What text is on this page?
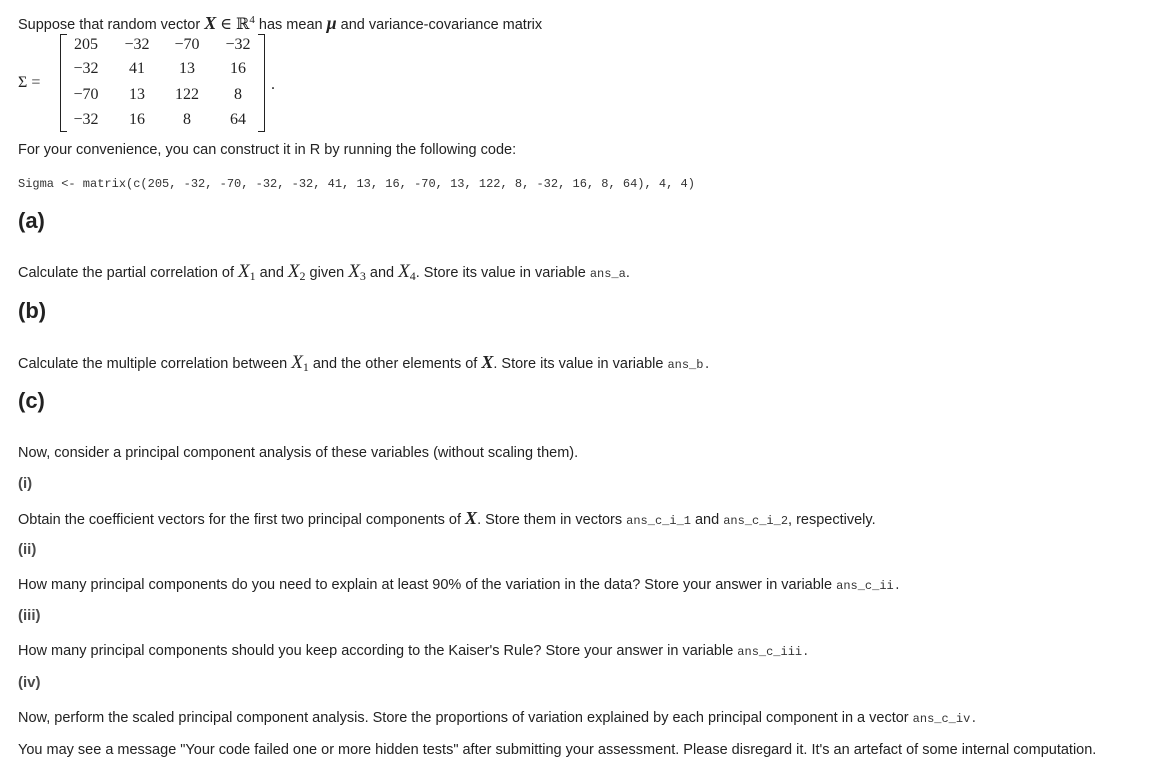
Suppose that random vector X ∈ ℝ$^4$ has mean μ and variance-covariance matrix
Σ =
205	−32	−70	−32
−32	41	13	16
−70	13	122	8
−32	16	8	64
.
For your convenience, you can construct it in R by running the following code:
Sigma <- matrix(c(205, -32, -70, -32, -32, 41, 13, 16, -70, 13, 122, 8, -32, 16, 8, 64), 4, 4)
(a)
Calculate the partial correlation of $X_1$ and $X_2$ given $X_3$ and $X_4$. Store its value in variable ans_a.
(b)
Calculate the multiple correlation between $X_1$ and the other elements of X. Store its value in variable ans_b.
(c)
Now, consider a principal component analysis of these variables (without scaling them).
(i)
Obtain the coefficient vectors for the first two principal components of X. Store them in vectors ans_c_i_1 and ans_c_i_2, respectively.
(ii)
How many principal components do you need to explain at least 90% of the variation in the data? Store your answer in variable ans_c_ii.
(iii)
How many principal components should you keep according to the Kaiser's Rule? Store your answer in variable ans_c_iii.
(iv)
Now, perform the scaled principal component analysis. Store the proportions of variation explained by each principal component in a vector ans_c_iv.
You may see a message "Your code failed one or more hidden tests" after submitting your assessment. Please disregard it. It's an artefact of some internal computation.
